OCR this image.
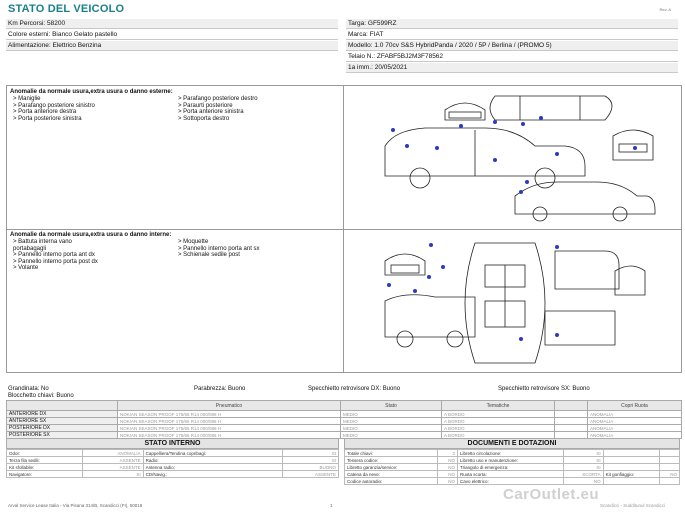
STATO DEL VEICOLO	Rev. A
Km Percorsi: 58200	Targa: GF599RZ
Colore esterni: Bianco Gelato pastello	Marca: FIAT
Alimentazione: Elettrico Benzina	Modello: 1.0 70cv S&S HybridPanda / 2020 / 5P / Berlina / (PROMO 5)
Telaio N.: ZFABF5BJ2M3F78562
1a imm.: 20/05/2021
Anomalie da normale usura,extra usura o danno esterne:
> Maniglie
> Parafango posteriore sinistro
> Porta anteriore destra
> Porta posteriore sinistra
> Parafango posteriore destro
> Paraurti posteriore
> Porta anteriore sinistra
> Sottoporta destro
Anomalie da normale usura,extra usura o danno interne:
> Battuta interna vano
portabagagli
> Pannello interno porta ant dx
> Pannello interno porta post dx
> Volante
> Moquette
> Pannello interno porta ant sx
> Schienale sedile post
Grandinata: No	Parabrezza: Buono	Specchietto retrovisore DX: Buono	Specchietto retrovisore SX: Buono
Blocchetto chiavi: Buono
	Pneumatico	Stato	Tematiche		Copri Ruota
ANTERIORE DX	NOKIAN SEASON PROOF 175/65 R14 000/086 H	MEDIO	A BORDO		ANOMALIA
ANTERIORE SX	NOKIAN SEASON PROOF 175/65 R14 000/086 H	MEDIO	A BORDO		ANOMALIA
POSTERIORE DX	NOKIAN SEASON PROOF 175/65 R14 000/086 H	MEDIO	A BORDO		ANOMALIA
POSTERIORE SX	NOKIAN SEASON PROOF 175/65 R14 000/086 H	MEDIO	A BORDO		ANOMALIA
STATO INTERNO
Odor:	ANOMALIA	Cappelliera/Tendina copribagi:	SI
Terza fila sedili:	ASSENTE	Radio:	SI
Kit sfollabile:	ASSENTE	Antenna radio:	BUONO
Navigatore:	SI	CD/Navig.:	ASSENTE
DOCUMENTI E DOTAZIONI
Totale chiavi:	2	Libretto circolazione:	SI		
Tessera codice:	NO	Libretto uso e manutenzione:	SI		
Libretto garanzia/service:	NO	Triangolo di emergenza:	SI		
Catena da neve:	NO	Ruota scorta:	SCORTA	Kit gonfiaggio:	NO
Codice autoradio:	NO	Cavo elettrico:	NO		
Arval Service Lease Italia - Via Pisana 314/B, Scandicci (FI), 50018	1
CarOutlet.eu
Scandicci - Sudditunul Scandicci
